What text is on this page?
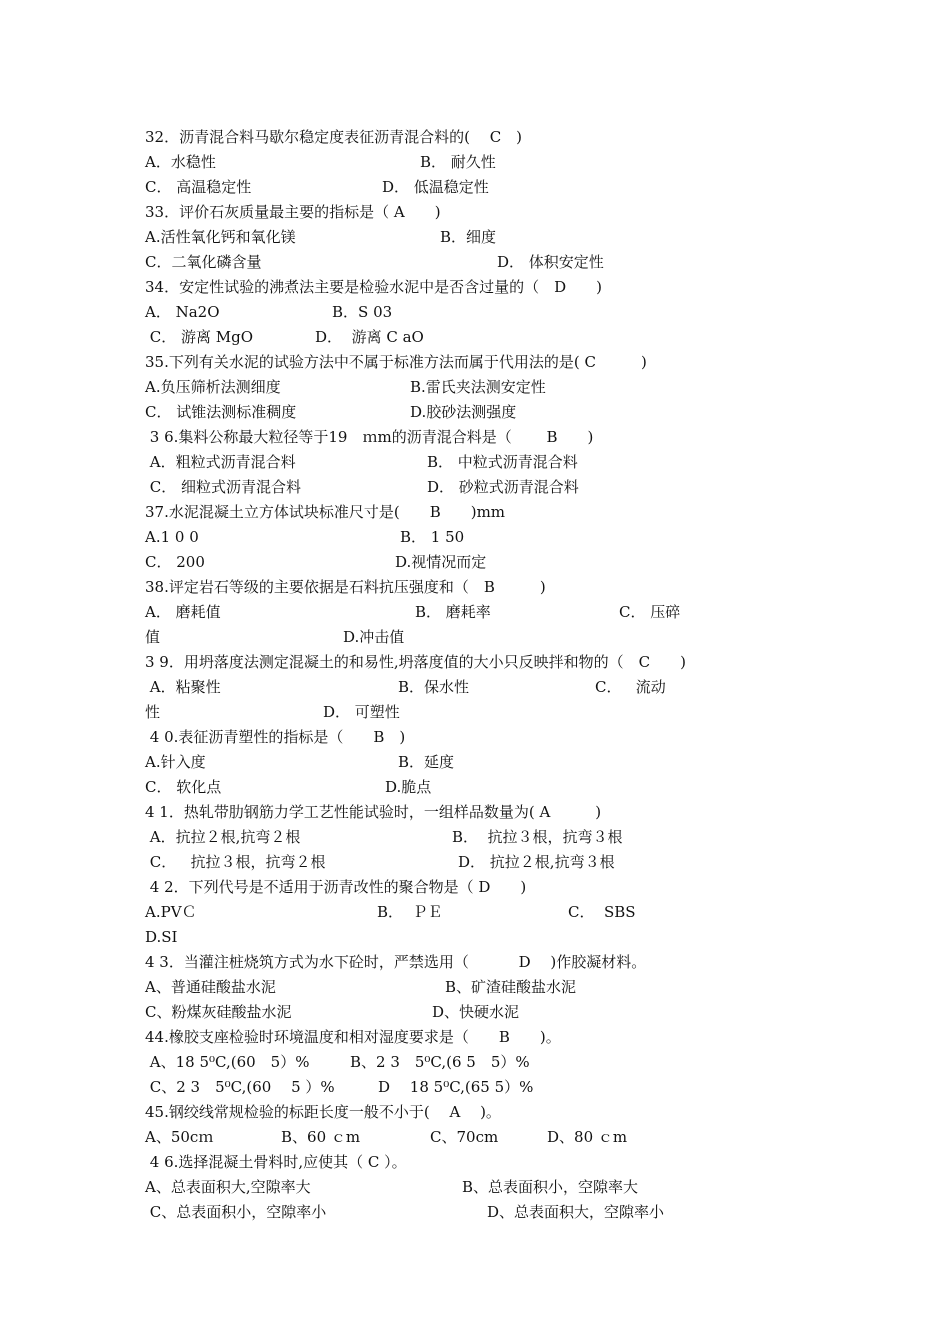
32．沥青混合料马歇尔稳定度表征沥青混合料的(　 C　)
A．水稳性	B． 耐久性
C． 高温稳定性	D． 低温稳定性
33．评价石灰质量最主要的指标是（ A　　)
A.活性氧化钙和氧化镁	B．细度
C．二氧化磷含量	D． 体积安定性
34．安定性试验的沸煮法主要是检验水泥中是否含过量的（　D　　)
A． Na2O	B．S 03
C． 游离 MgO	D．  游离 C aO
35.下列有关水泥的试验方法中不属于标准方法而属于代用法的是( C　　　)
A.负压筛析法测细度	B.雷氏夹法测安定性
C． 试锥法测标准稠度	D.胶砂法测强度
3 6.集料公称最大粒径等于19　ｍm的沥青混合料是（　　 B　　)
A．粗粒式沥青混合料	B． 中粒式沥青混合料
C． 细粒式沥青混合料	D． 砂粒式沥青混合料
37.水泥混凝土立方体试块标准尺寸是(　　B　　)mm
A.1 0 0	B． 1 50
C． 200	D.视情况而定
38.评定岩石等级的主要依据是石料抗压强度和（　B　　　)
A． 磨耗值	B． 磨耗率	C． 压碎
值	D.冲击值
3 9．用坍落度法测定混凝土的和易性,坍落度值的大小只反映拌和物的（　C　　)
A．粘聚性	B．保水性	C．   流动
性	D． 可塑性
4 0.表征沥青塑性的指标是（　　B　)
A.针入度	B．延度
C． 软化点	D.脆点
4 1．热轧带肋钢筋力学工艺性能试验时，一组样品数量为( A　　　)
A．抗拉２根,抗弯２根	B．  抗拉３根，抗弯３根
C．   抗拉３根，抗弯２根	D． 抗拉２根,抗弯３根
4 2．下列代号是不适用于沥青改性的聚合物是（ D　　)
A.PVＣ	B．  ＰＥ	C．  SBS
D.SI
4 3．当灌注桩烧筑方式为水下砼时，严禁选用（　　　 D　 )作胶凝材料。
A、普通硅酸盐水泥	B、矿渣硅酸盐水泥
C、粉煤灰硅酸盐水泥	D、快硬水泥
44.橡胶支座检验时环境温度和相对湿度要求是（　　B　　)。
A、18 5⁰C,(60　5）%	B、2 3　5⁰C,(6 5　5）%
C、2 3　5⁰C,(60　 5 ）%	D　 18 5⁰C,(65 5）%
45.钢绞线常规检验的标距长度一般不小于(　 A　 )。
A、50cｍ	B、60 ｃm	C、70cm	D、80 ｃm
4 6.选择混凝土骨料时,应使其（ C ）。
A、总表面积大,空隙率大	B、总表面积小，空隙率大
C、总表面积小，空隙率小	D、总表面积大，空隙率小
